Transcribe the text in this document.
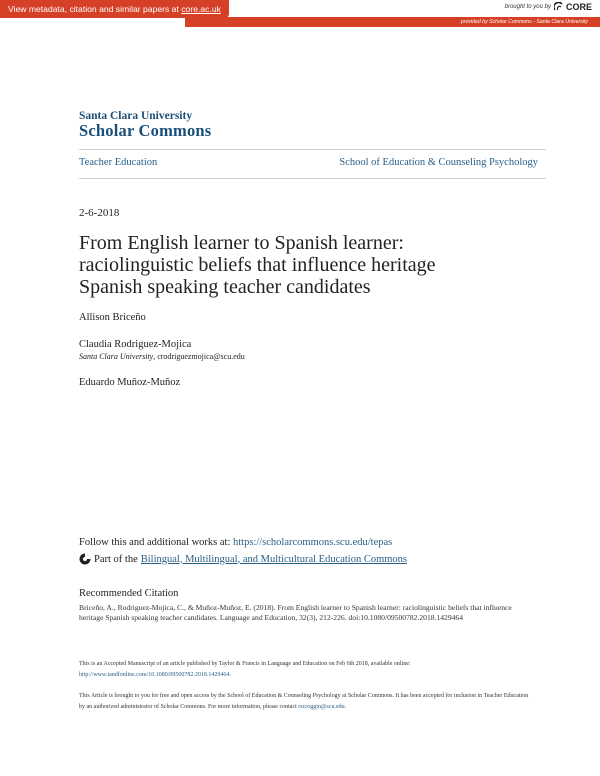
View metadata, citation and similar papers at core.ac.uk	brought to you by CORE
provided by Scholar Commons - Santa Clara University
Santa Clara University
Scholar Commons
Teacher Education	School of Education & Counseling Psychology
2-6-2018
From English learner to Spanish learner: raciolinguistic beliefs that influence heritage Spanish speaking teacher candidates
Allison Briceño
Claudia Rodriguez-Mojica
Santa Clara University, crodriguezmojica@scu.edu
Eduardo Muñoz-Muñoz
Follow this and additional works at: https://scholarcommons.scu.edu/tepas
Part of the Bilingual, Multilingual, and Multicultural Education Commons
Recommended Citation
Briceño, A., Rodriguez-Mojica, C., & Muñoz-Muñoz, E. (2018). From English learner to Spanish learner: raciolinguistic beliefs that influence heritage Spanish speaking teacher candidates. Language and Education, 32(3), 212-226. doi:10.1080/09500782.2018.1429464
This is an Accepted Manuscript of an article published by Taylor & Francis in Language and Education on Feb 6th 2018, available online:
http://www.tandfonline.com/10.1080/09500782.2018.1429464.
This Article is brought to you for free and open access by the School of Education & Counseling Psychology at Scholar Commons. It has been accepted for inclusion in Teacher Education by an authorized administrator of Scholar Commons. For more information, please contact rscroggin@scu.edu.
